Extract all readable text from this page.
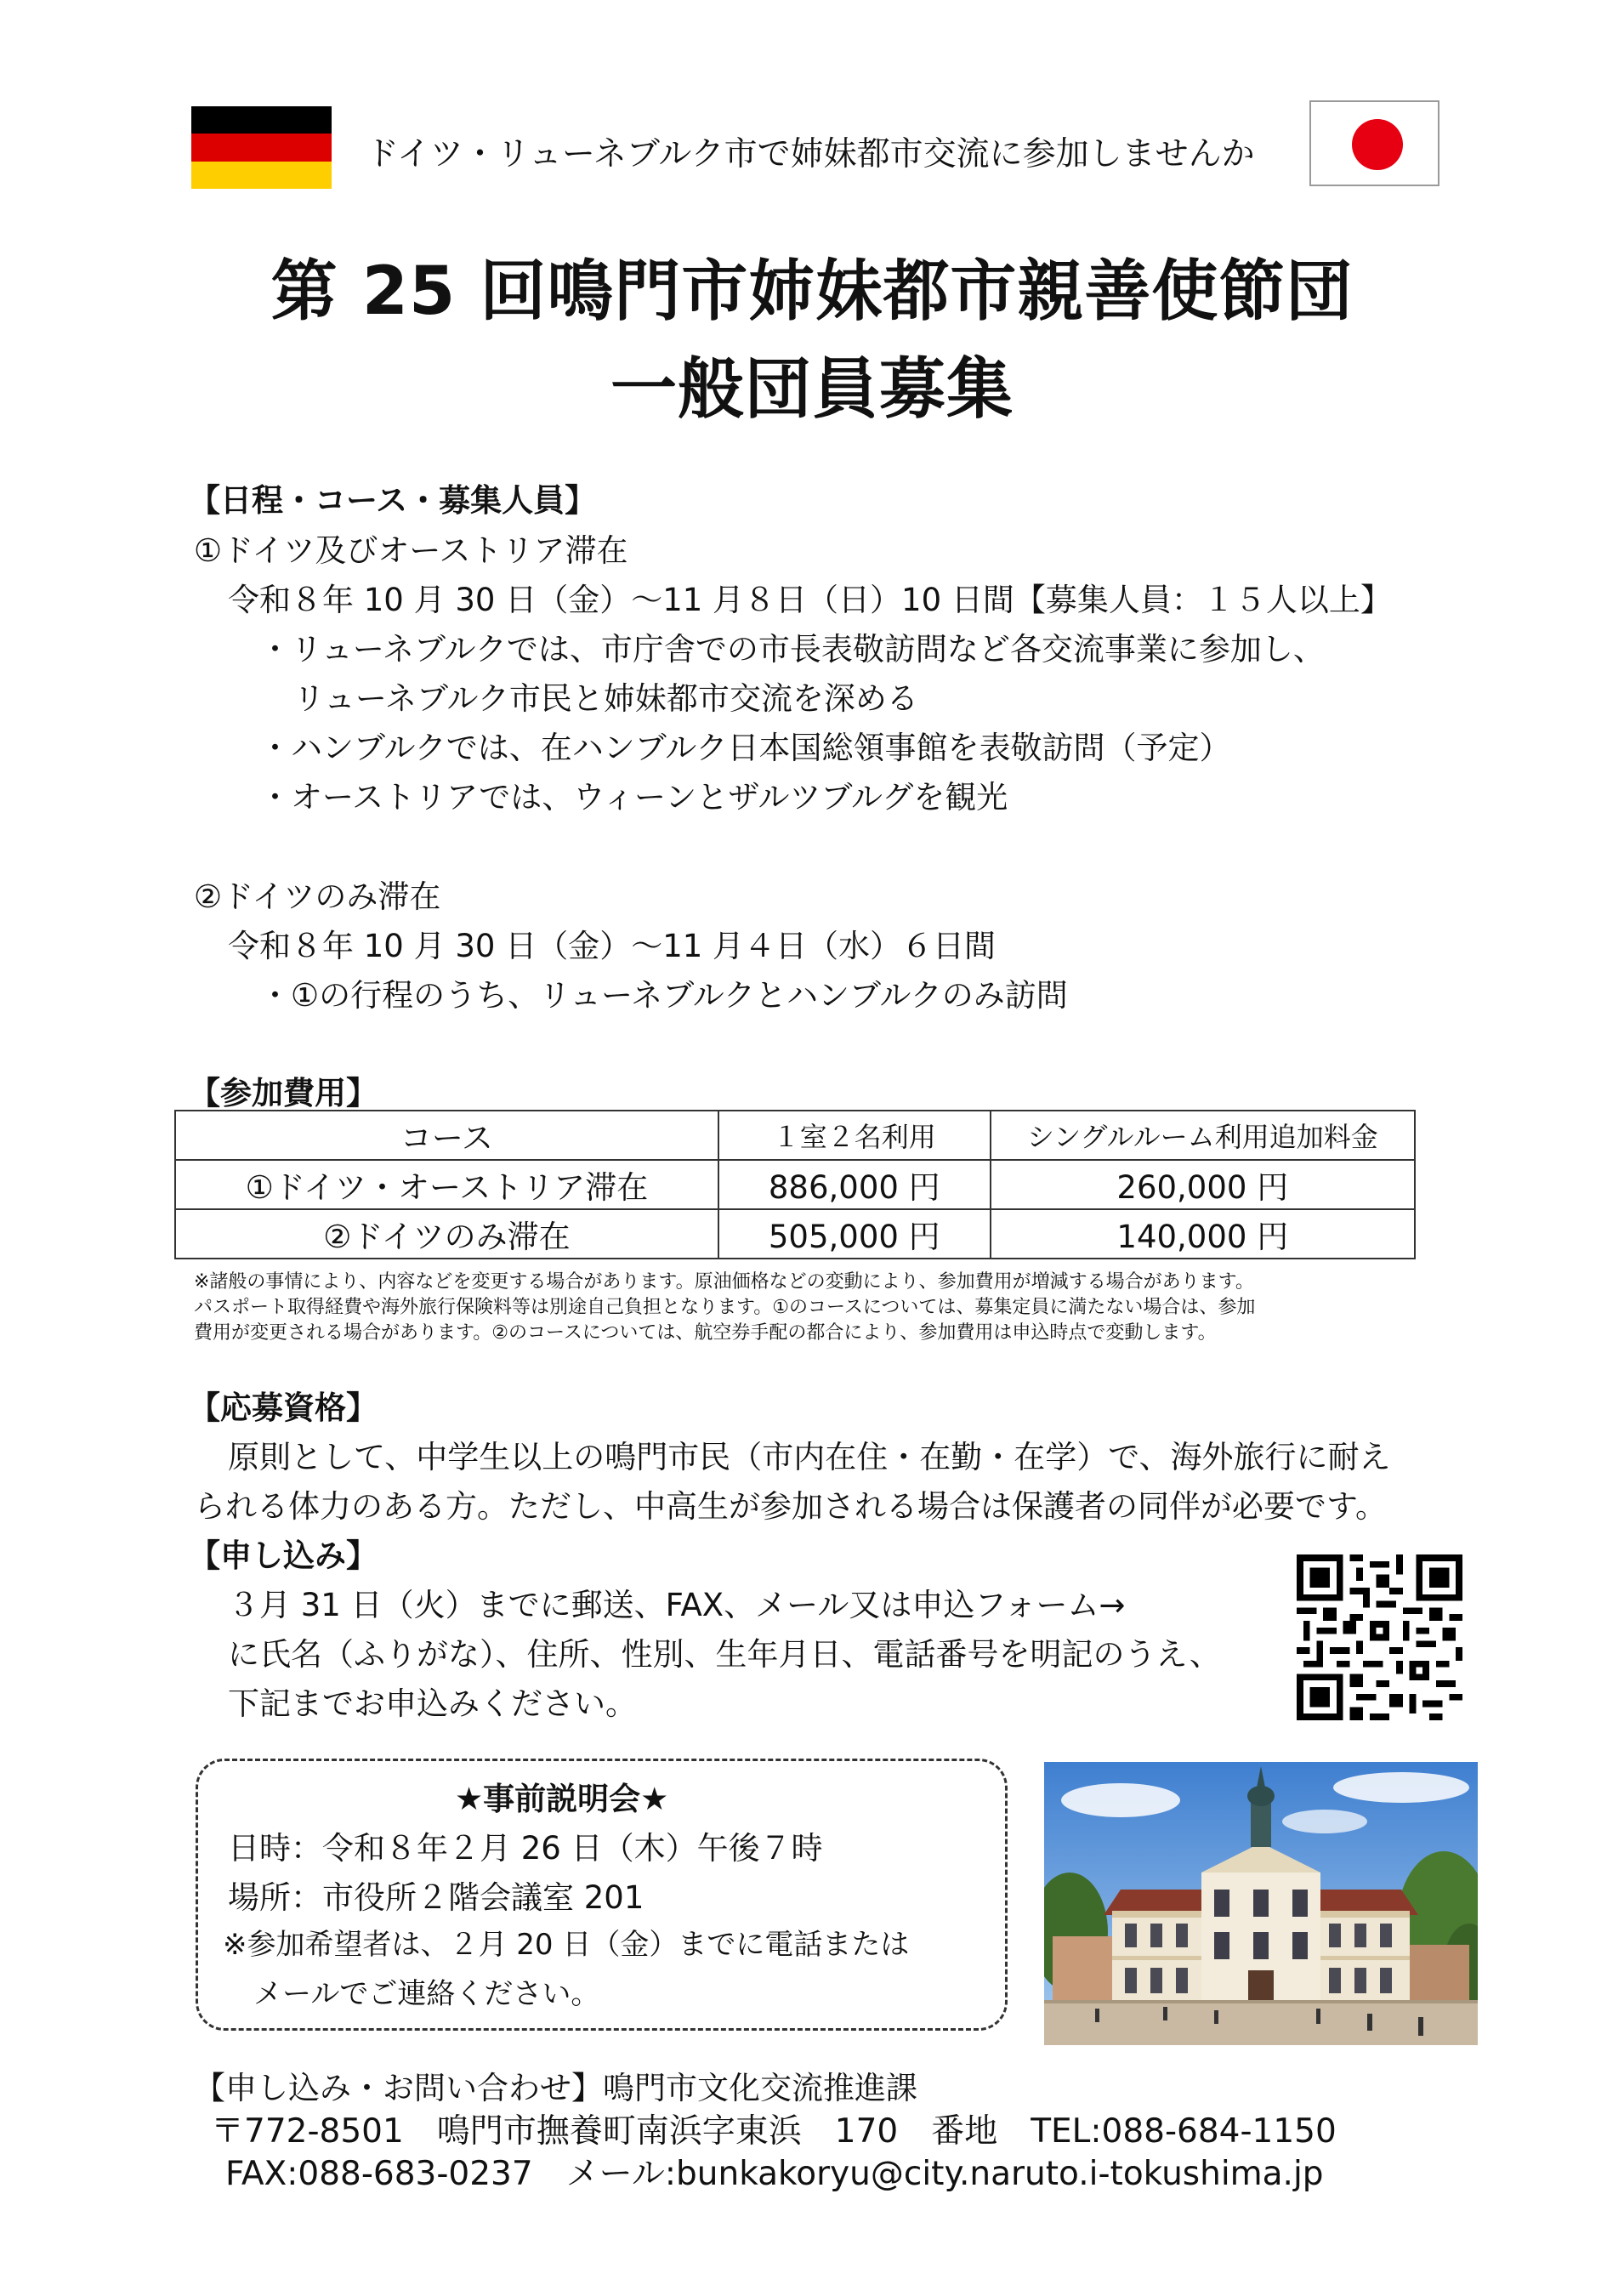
ドイツ・リューネブルク市で姉妹都市交流に参加しませんか
第 25 回鳴門市姉妹都市親善使節団
一般団員募集
【日程・コース・募集人員】
①ドイツ及びオーストリア滞在
令和８年 10 月 30 日（金）～11 月８日（日）10 日間【募集人員：１５人以上】
・リューネブルクでは、市庁舎での市長表敬訪問など各交流事業に参加し、
リューネブルク市民と姉妹都市交流を深める
・ハンブルクでは、在ハンブルク日本国総領事館を表敬訪問（予定）
・オーストリアでは、ウィーンとザルツブルグを観光
②ドイツのみ滞在
令和８年 10 月 30 日（金）～11 月４日（水）６日間
・①の行程のうち、リューネブルクとハンブルクのみ訪問
【参加費用】
コース	１室２名利用	シングルルーム利用追加料金
①ドイツ・オーストリア滞在	886,000 円	260,000 円
②ドイツのみ滞在	505,000 円	140,000 円
※諸般の事情により、内容などを変更する場合があります。原油価格などの変動により、参加費用が増減する場合があります。
パスポート取得経費や海外旅行保険料等は別途自己負担となります。①のコースについては、募集定員に満たない場合は、参加
費用が変更される場合があります。②のコースについては、航空券手配の都合により、参加費用は申込時点で変動します。
【応募資格】
原則として、中学生以上の鳴門市民（市内在住・在勤・在学）で、海外旅行に耐え
られる体力のある方。ただし、中高生が参加される場合は保護者の同伴が必要です。
【申し込み】
３月 31 日（火）までに郵送、FAX、メール又は申込フォーム→
に氏名（ふりがな）、住所、性別、生年月日、電話番号を明記のうえ、
下記までお申込みください。
★事前説明会★
日時：令和８年２月 26 日（木）午後７時
場所：市役所２階会議室 201
※参加希望者は、２月 20 日（金）までに電話または
メールでご連絡ください。
【申し込み・お問い合わせ】鳴門市文化交流推進課
〒772-8501　鳴門市撫養町南浜字東浜　170　番地　TEL:088-684-1150
FAX:088-683-0237　メール:bunkakoryu@city.naruto.i-tokushima.jp
